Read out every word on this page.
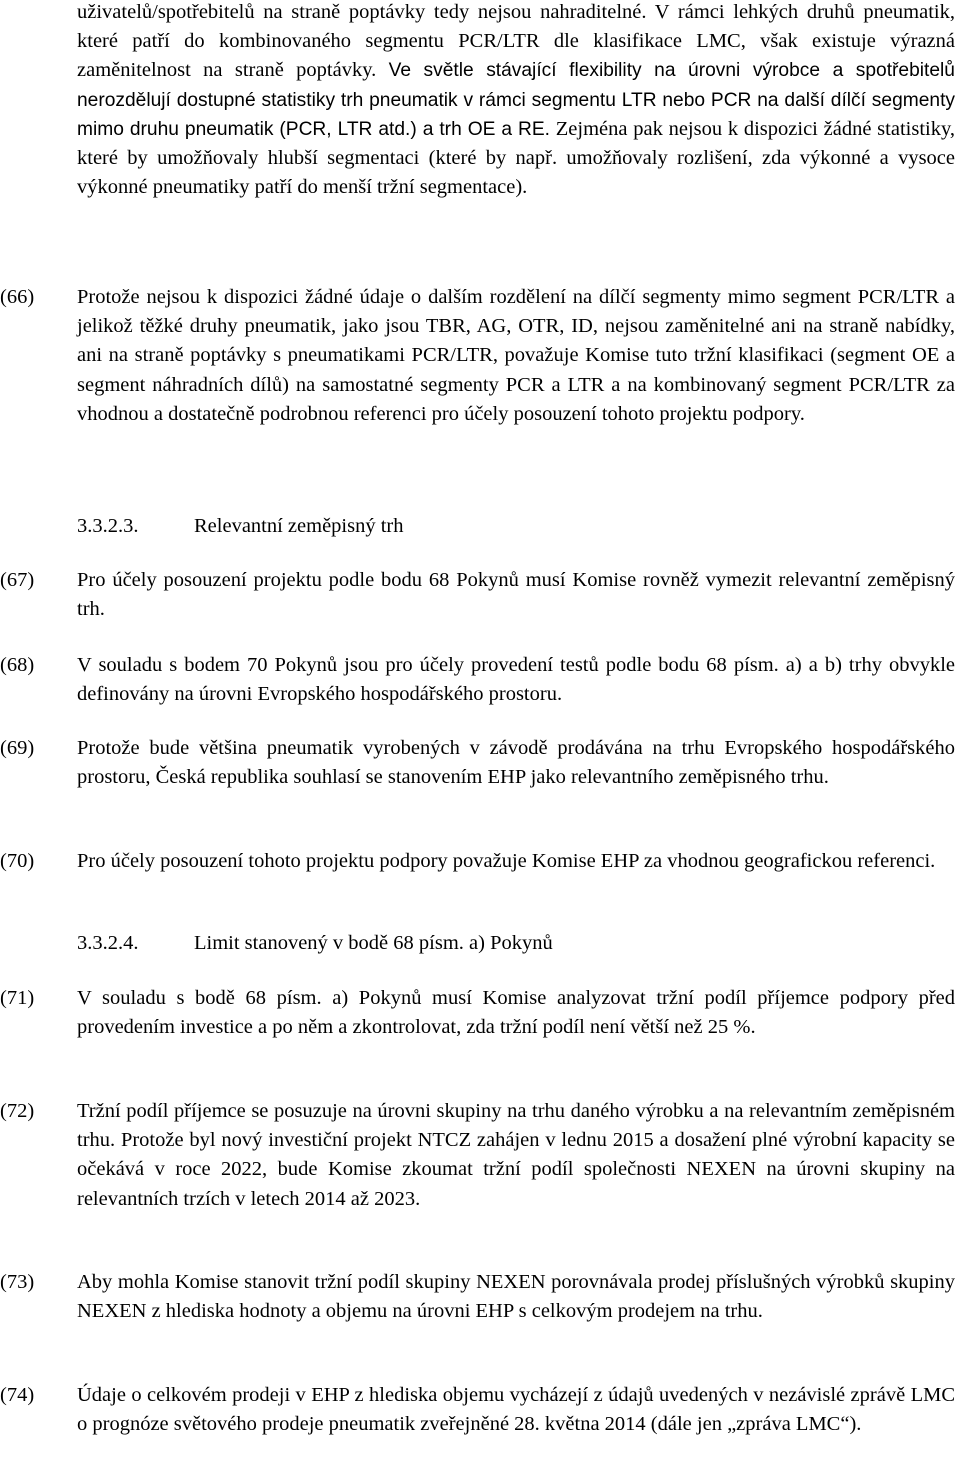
uživatelů/spotřebitelů na straně poptávky tedy nejsou nahraditelné. V rámci lehkých druhů pneumatik, které patří do kombinovaného segmentu PCR/LTR dle klasifikace LMC, však existuje výrazná zaměnitelnost na straně poptávky. Ve světle stávající flexibility na úrovni výrobce a spotřebitelů nerozdělují dostupné statistiky trh pneumatik v rámci segmentu LTR nebo PCR na další dílčí segmenty mimo druhu pneumatik (PCR, LTR atd.) a trh OE a RE. Zejména pak nejsou k dispozici žádné statistiky, které by umožňovaly hlubší segmentaci (které by např. umožňovaly rozlišení, zda výkonné a vysoce výkonné pneumatiky patří do menší tržní segmentace).
(66)	Protože nejsou k dispozici žádné údaje o dalším rozdělení na dílčí segmenty mimo segment PCR/LTR a jelikož těžké druhy pneumatik, jako jsou TBR, AG, OTR, ID, nejsou zaměnitelné ani na straně nabídky, ani na straně poptávky s pneumatikami PCR/LTR, považuje Komise tuto tržní klasifikaci (segment OE a segment náhradních dílů) na samostatné segmenty PCR a LTR a na kombinovaný segment PCR/LTR za vhodnou a dostatečně podrobnou referenci pro účely posouzení tohoto projektu podpory.
3.3.2.3.	Relevantní zeměpisný trh
(67)	Pro účely posouzení projektu podle bodu 68 Pokynů musí Komise rovněž vymezit relevantní zeměpisný trh.
(68)	V souladu s bodem 70 Pokynů jsou pro účely provedení testů podle bodu 68 písm. a) a b) trhy obvykle definovány na úrovni Evropského hospodářského prostoru.
(69)	Protože bude většina pneumatik vyrobených v závodě prodávána na trhu Evropského hospodářského prostoru, Česká republika souhlasí se stanovením EHP jako relevantního zeměpisného trhu.
(70)	Pro účely posouzení tohoto projektu podpory považuje Komise EHP za vhodnou geografickou referenci.
3.3.2.4.	Limit stanovený v bodě 68 písm. a) Pokynů
(71)	V souladu s bodě 68 písm. a) Pokynů musí Komise analyzovat tržní podíl příjemce podpory před provedením investice a po něm a zkontrolovat, zda tržní podíl není větší než 25 %.
(72)	Tržní podíl příjemce se posuzuje na úrovni skupiny na trhu daného výrobku a na relevantním zeměpisném trhu. Protože byl nový investiční projekt NTCZ zahájen v lednu 2015 a dosažení plné výrobní kapacity se očekává v roce 2022, bude Komise zkoumat tržní podíl společnosti NEXEN na úrovni skupiny na relevantních trzích v letech 2014 až 2023.
(73)	Aby mohla Komise stanovit tržní podíl skupiny NEXEN porovnávala prodej příslušných výrobků skupiny NEXEN z hlediska hodnoty a objemu na úrovni EHP s celkovým prodejem na trhu.
(74)	Údaje o celkovém prodeji v EHP z hlediska objemu vycházejí z údajů uvedených v nezávislé zprávě LMC o prognóze světového prodeje pneumatik zveřejněné 28. května 2014 (dále jen „zpráva LMC“).
